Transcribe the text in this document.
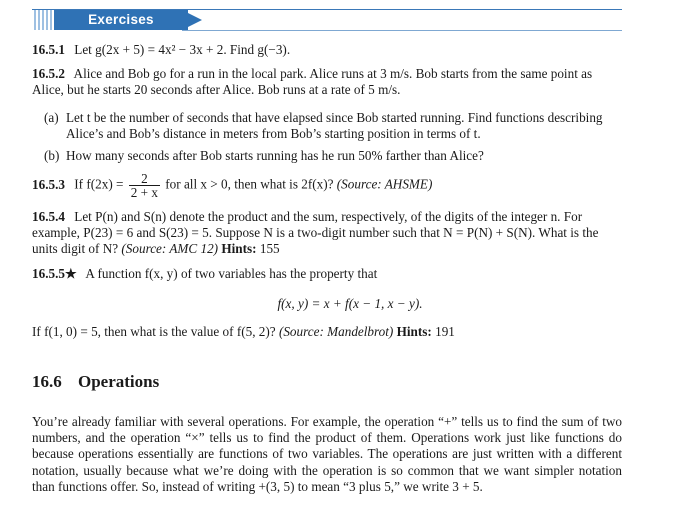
Exercises
16.5.1 Let g(2x + 5) = 4x² − 3x + 2. Find g(−3).
16.5.2 Alice and Bob go for a run in the local park. Alice runs at 3 m/s. Bob starts from the same point as Alice, but he starts 20 seconds after Alice. Bob runs at a rate of 5 m/s.
(a) Let t be the number of seconds that have elapsed since Bob started running. Find functions describing Alice’s and Bob’s distance in meters from Bob’s starting position in terms of t.
(b) How many seconds after Bob starts running has he run 50% farther than Alice?
16.5.3 If $f(2x) = \frac{2}{2 + x}$ for all x > 0, then what is 2f(x)? (Source: AHSME)
16.5.4 Let P(n) and S(n) denote the product and the sum, respectively, of the digits of the integer n. For example, P(23) = 6 and S(23) = 5. Suppose N is a two-digit number such that N = P(N) + S(N). What is the units digit of N? (Source: AMC 12) Hints: 155
16.5.5★ A function f(x, y) of two variables has the property that
f(x, y) = x + f(x − 1, x − y).
If f(1, 0) = 5, then what is the value of f(5, 2)? (Source: Mandelbrot) Hints: 191
16.6 Operations
You’re already familiar with several operations. For example, the operation “+” tells us to find the sum of two numbers, and the operation “×” tells us to find the product of them. Operations work just like functions do because operations essentially are functions of two variables. The operations are just written with a different notation, usually because what we’re doing with the operation is so common that we want simpler notation than functions offer. So, instead of writing +(3, 5) to mean “3 plus 5,” we write 3 + 5.
